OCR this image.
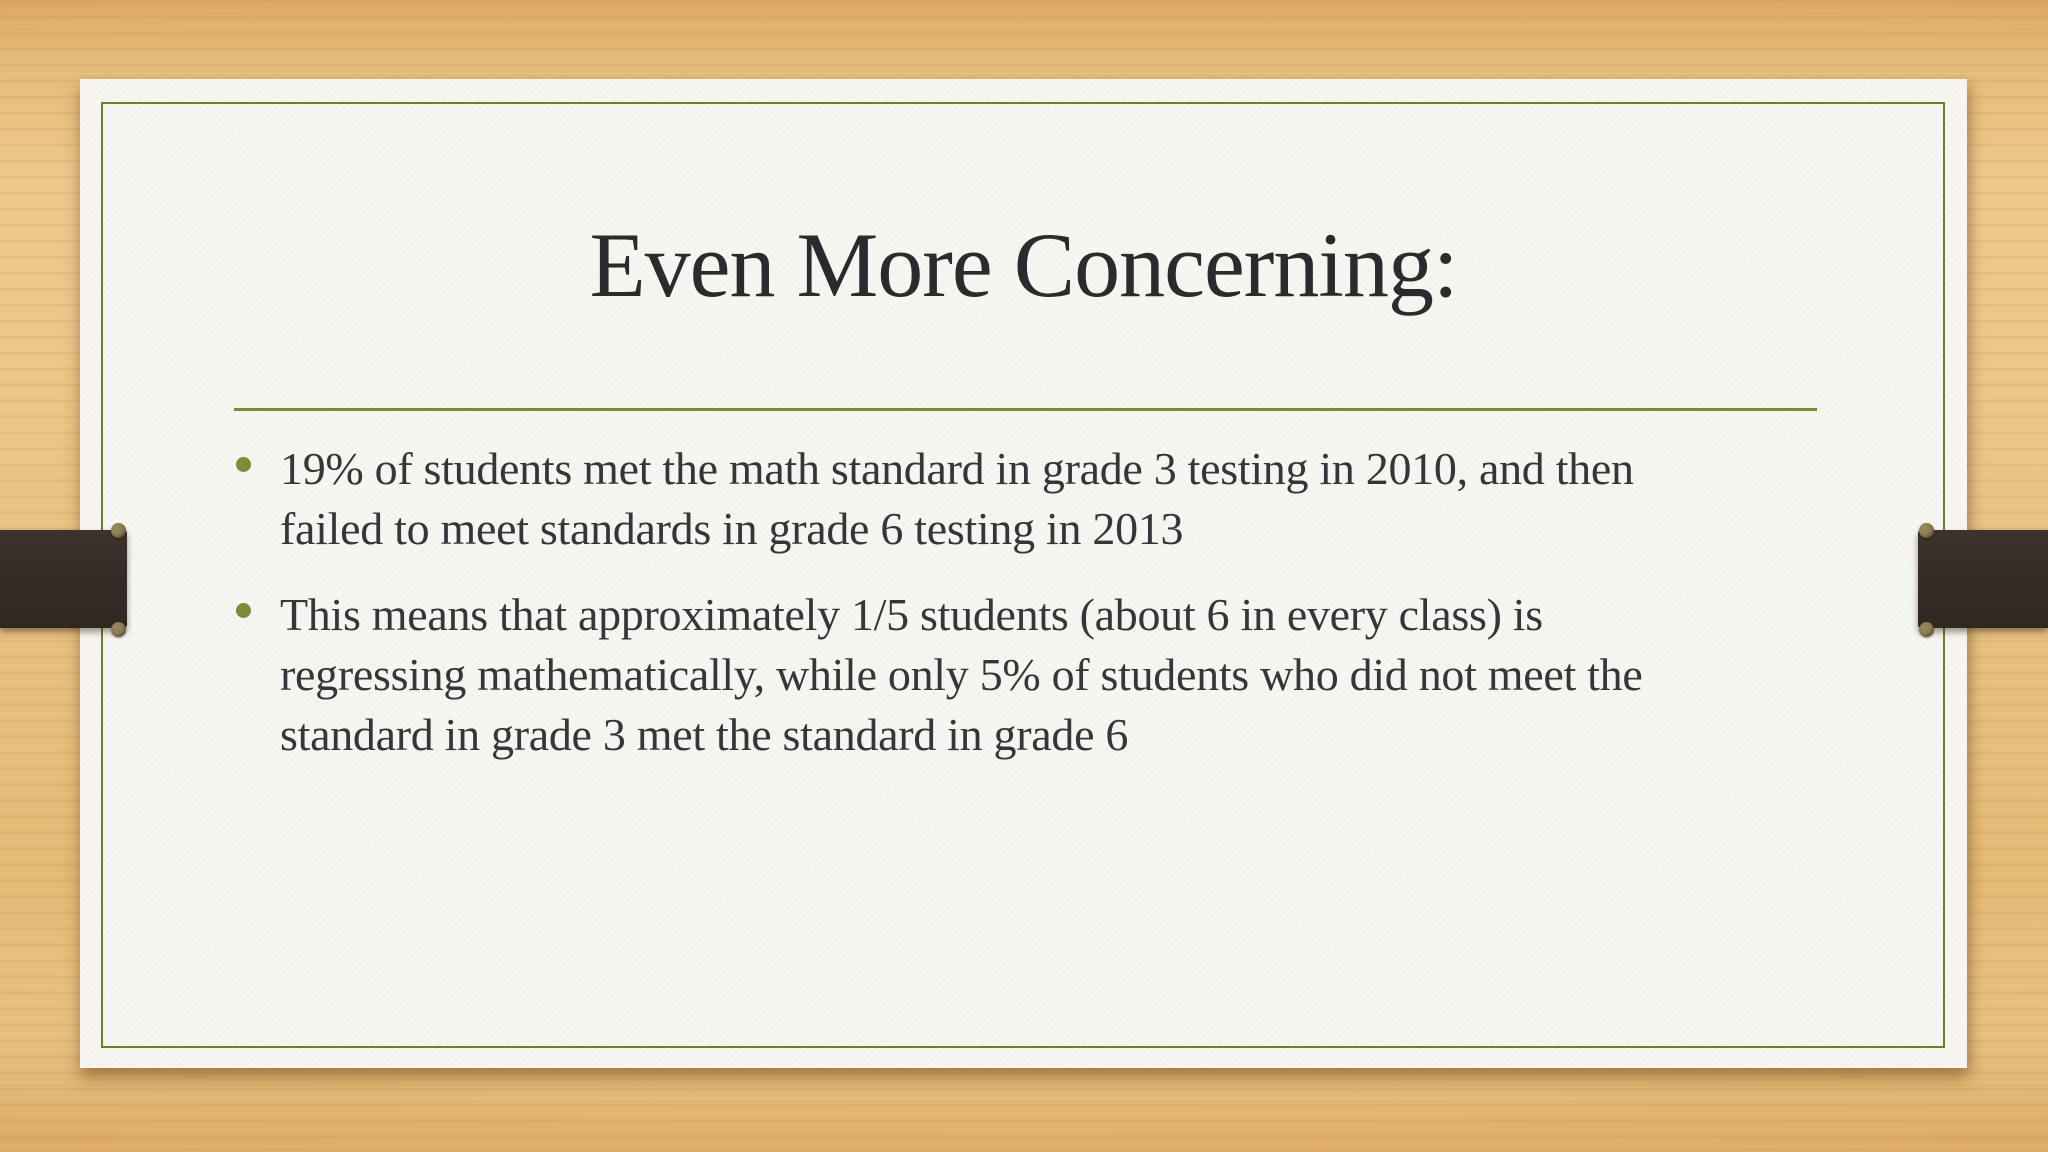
Even More Concerning:
19% of students met the math standard in grade 3 testing in 2010, and then
failed to meet standards in grade 6 testing in 2013
This means that approximately 1/5 students (about 6 in every class) is
regressing mathematically, while only 5% of students who did not meet the
standard in grade 3 met the standard in grade 6
